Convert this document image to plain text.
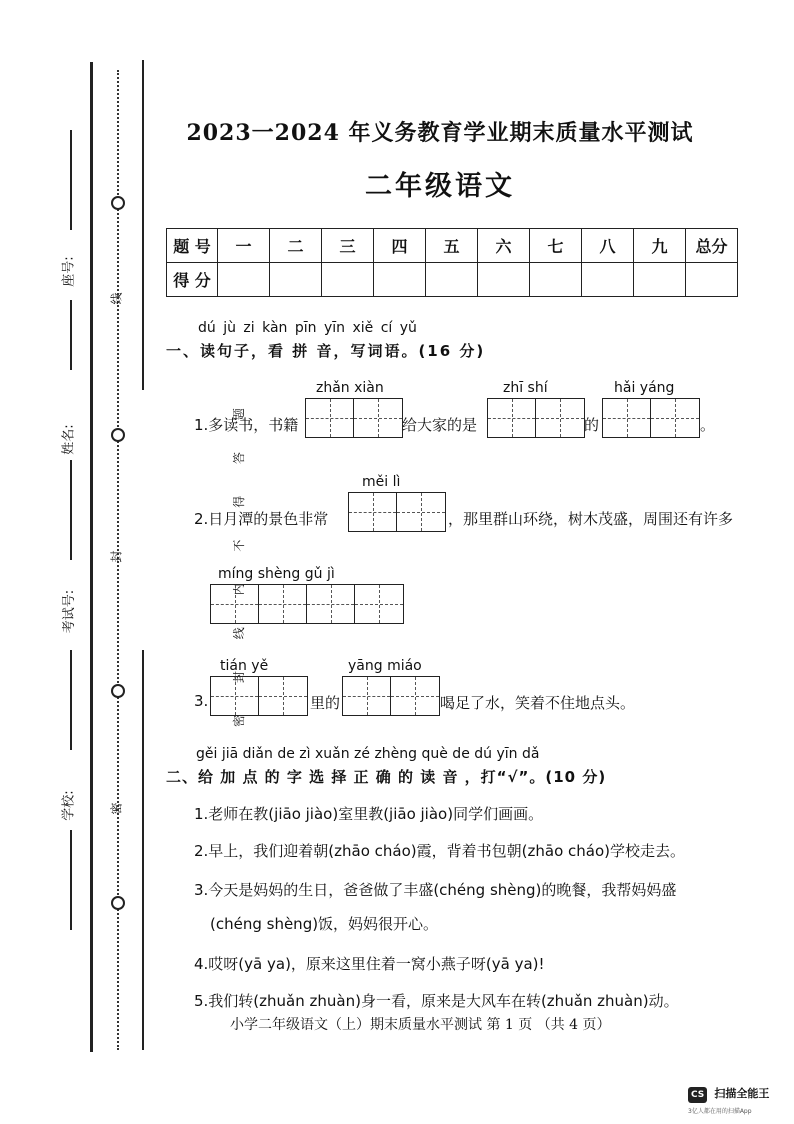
线
封
密
密 封 线 内 不 得 答 题
座号:
姓名:
考试号:
学校:
2023一2024 年义务教育学业期末质量水平测试
二年级语文
题 号	一	二	三	四	五	六	七	八	九	总分
得 分										
dú jù zi kàn pīn yīn xiě cí yǔ
一、读句子，看 拼 音，写词语。(16 分)
zhǎn xiàn	zhī shí	hǎi yáng
1.多读书，书籍	给大家的是	的	。
měi lì
2.日月潭的景色非常	，那里群山环绕，树木茂盛，周围还有许多
míng shèng gǔ jì
tián yě	yāng miáo
3.	里的	喝足了水，笑着不住地点头。
gěi jiā diǎn de zì xuǎn zé zhèng què de dú yīn dǎ
二、给 加 点 的 字 选 择 正 确 的 读 音 ，打“√”。(10 分)
1.老师在教(jiāo jiào)室里教(jiāo jiào)同学们画画。
2.早上，我们迎着朝(zhāo cháo)霞，背着书包朝(zhāo cháo)学校走去。
3.今天是妈妈的生日，爸爸做了丰盛(chéng shèng)的晚餐，我帮妈妈盛
(chéng shèng)饭，妈妈很开心。
4.哎呀(yā ya)，原来这里住着一窝小燕子呀(yā ya)!
5.我们转(zhuǎn zhuàn)身一看，原来是大风车在转(zhuǎn zhuàn)动。
小学二年级语文（上）期末质量水平测试 第 1 页 （共 4 页）
CS 扫描全能王
3亿人都在用的扫描App
